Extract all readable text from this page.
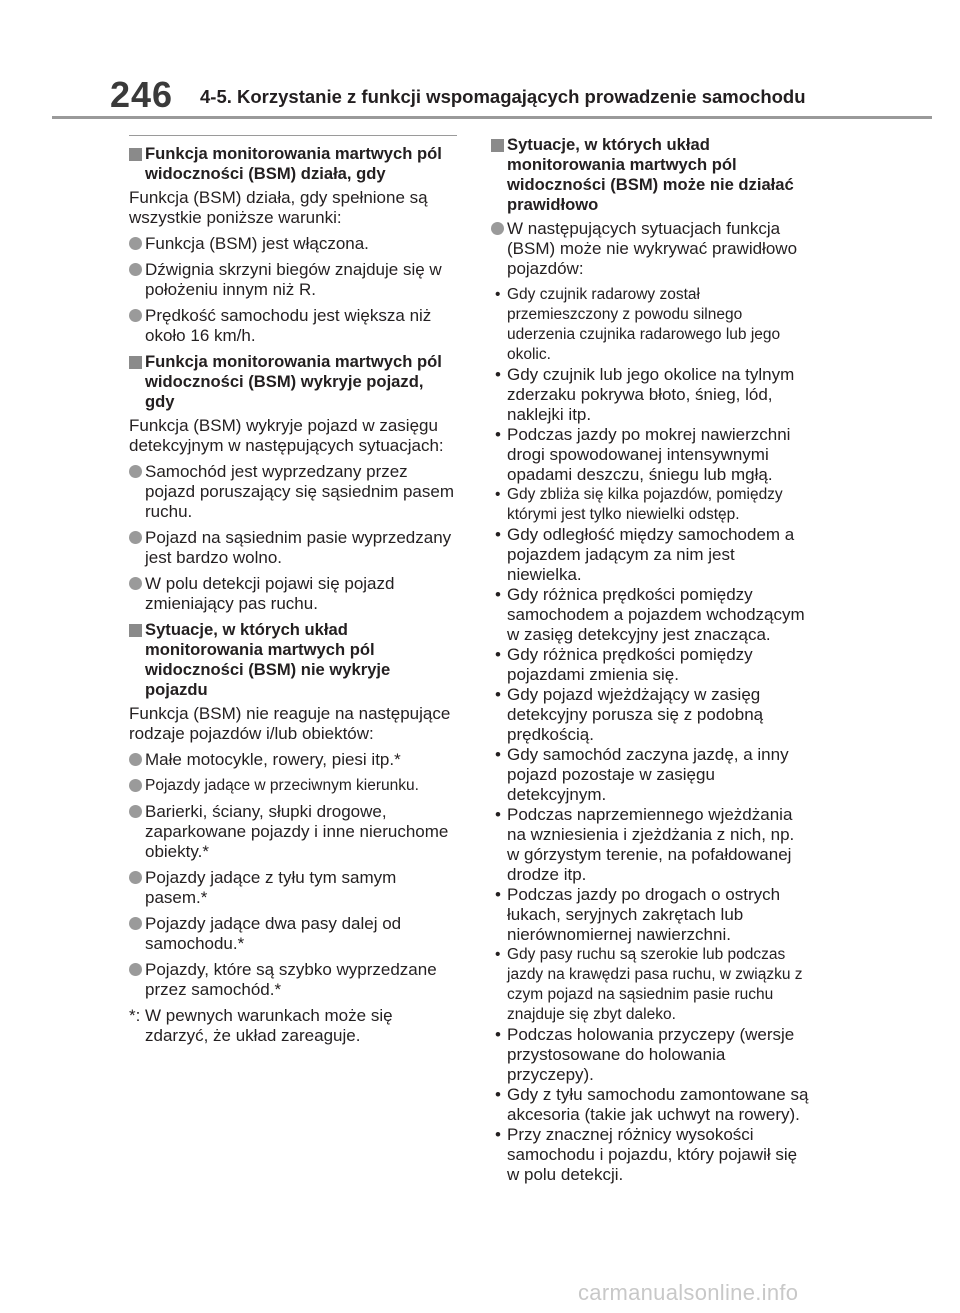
246 4-5. Korzystanie z funkcji wspomagających prowadzenie samochodu
Funkcja monitorowania martwych pól widoczności (BSM) działa, gdy
Funkcja (BSM) działa, gdy spełnione są wszystkie poniższe warunki:
Funkcja (BSM) jest włączona.
Dźwignia skrzyni biegów znajduje się w położeniu innym niż R.
Prędkość samochodu jest większa niż około 16 km/h.
Funkcja monitorowania martwych pól widoczności (BSM) wykryje pojazd, gdy
Funkcja (BSM) wykryje pojazd w zasięgu detekcyjnym w następujących sytuacjach:
Samochód jest wyprzedzany przez pojazd poruszający się sąsiednim pasem ruchu.
Pojazd na sąsiednim pasie wyprzedzany jest bardzo wolno.
W polu detekcji pojawi się pojazd zmieniający pas ruchu.
Sytuacje, w których układ monitorowania martwych pól widoczności (BSM) nie wykryje pojazdu
Funkcja (BSM) nie reaguje na następujące rodzaje pojazdów i/lub obiektów:
Małe motocykle, rowery, piesi itp.*
Pojazdy jadące w przeciwnym kierunku.
Barierki, ściany, słupki drogowe, zaparkowane pojazdy i inne nieruchome obiekty.*
Pojazdy jadące z tyłu tym samym pasem.*
Pojazdy jadące dwa pasy dalej od samochodu.*
Pojazdy, które są szybko wyprzedzane przez samochód.*
*: W pewnych warunkach może się zdarzyć, że układ zareaguje.
Sytuacje, w których układ monitorowania martwych pól widoczności (BSM) może nie działać prawidłowo
W następujących sytuacjach funkcja (BSM) może nie wykrywać prawidłowo pojazdów:
• Gdy czujnik radarowy został przemieszczony z powodu silnego uderzenia czujnika radarowego lub jego okolic.
• Gdy czujnik lub jego okolice na tylnym zderzaku pokrywa błoto, śnieg, lód, naklejki itp.
• Podczas jazdy po mokrej nawierzchni drogi spowodowanej intensywnymi opadami deszczu, śniegu lub mgłą.
• Gdy zbliża się kilka pojazdów, pomiędzy którymi jest tylko niewielki odstęp.
• Gdy odległość między samochodem a pojazdem jadącym za nim jest niewielka.
• Gdy różnica prędkości pomiędzy samochodem a pojazdem wchodzącym w zasięg detekcyjny jest znacząca.
• Gdy różnica prędkości pomiędzy pojazdami zmienia się.
• Gdy pojazd wjeżdżający w zasięg detekcyjny porusza się z podobną prędkością.
• Gdy samochód zaczyna jazdę, a inny pojazd pozostaje w zasięgu detekcyjnym.
• Podczas naprzemiennego wjeżdżania na wzniesienia i zjeżdżania z nich, np. w górzystym terenie, na pofałdowanej drodze itp.
• Podczas jazdy po drogach o ostrych łukach, seryjnych zakrętach lub nierównomiernej nawierzchni.
• Gdy pasy ruchu są szerokie lub podczas jazdy na krawędzi pasa ruchu, w związku z czym pojazd na sąsiednim pasie ruchu znajduje się zbyt daleko.
• Podczas holowania przyczepy (wersje przystosowane do holowania przyczepy).
• Gdy z tyłu samochodu zamontowane są akcesoria (takie jak uchwyt na rowery).
• Przy znacznej różnicy wysokości samochodu i pojazdu, który pojawił się w polu detekcji.
carmanualsonline.info
